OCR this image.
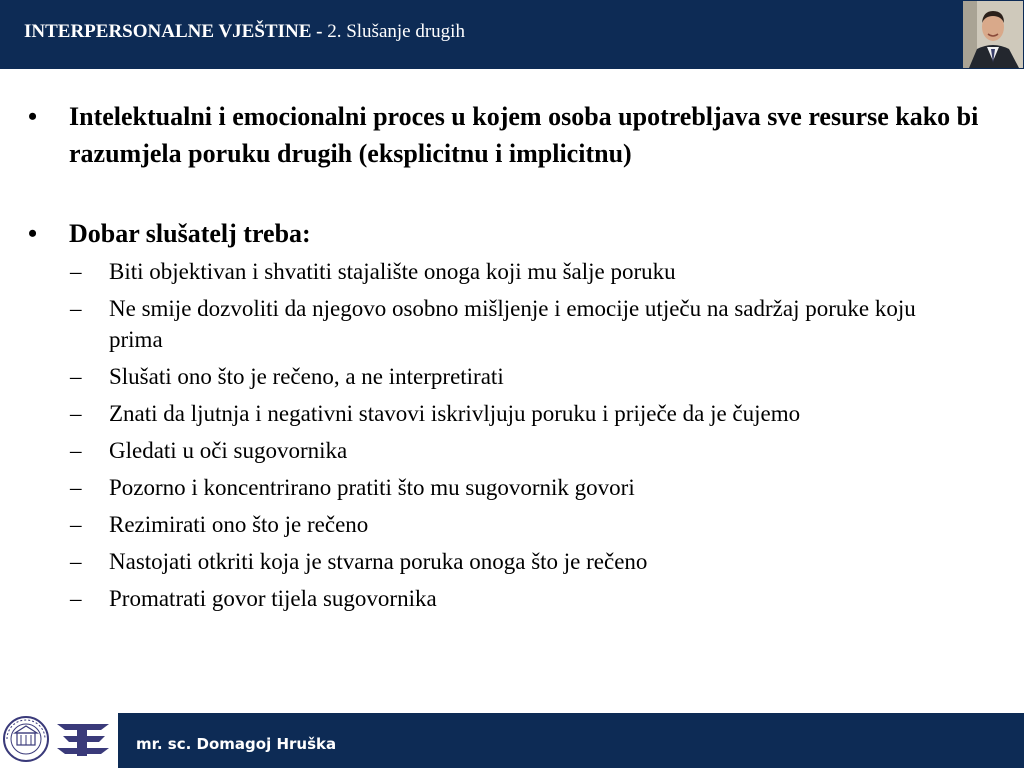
INTERPERSONALNE VJEŠTINE - 2. Slušanje drugih
• Intelektualni i emocionalni proces u kojem osoba upotrebljava sve resurse kako bi razumjela poruku drugih (eksplicitnu i implicitnu)
• Dobar slušatelj treba:
– Biti objektivan i shvatiti stajalište onoga koji mu šalje poruku
– Ne smije dozvoliti da njegovo osobno mišljenje i emocije utječu na sadržaj poruke koju prima
– Slušati ono što je rečeno, a ne interpretirati
– Znati da ljutnja i negativni stavovi iskrivljuju poruku i priječe da je čujemo
– Gledati u oči sugovornika
– Pozorno i koncentrirano pratiti što mu sugovornik govori
– Rezimirati ono što je rečeno
– Nastojati otkriti koja je stvarna poruka onoga što je rečeno
– Promatrati govor tijela sugovornika
mr. sc. Domagoj Hruška
